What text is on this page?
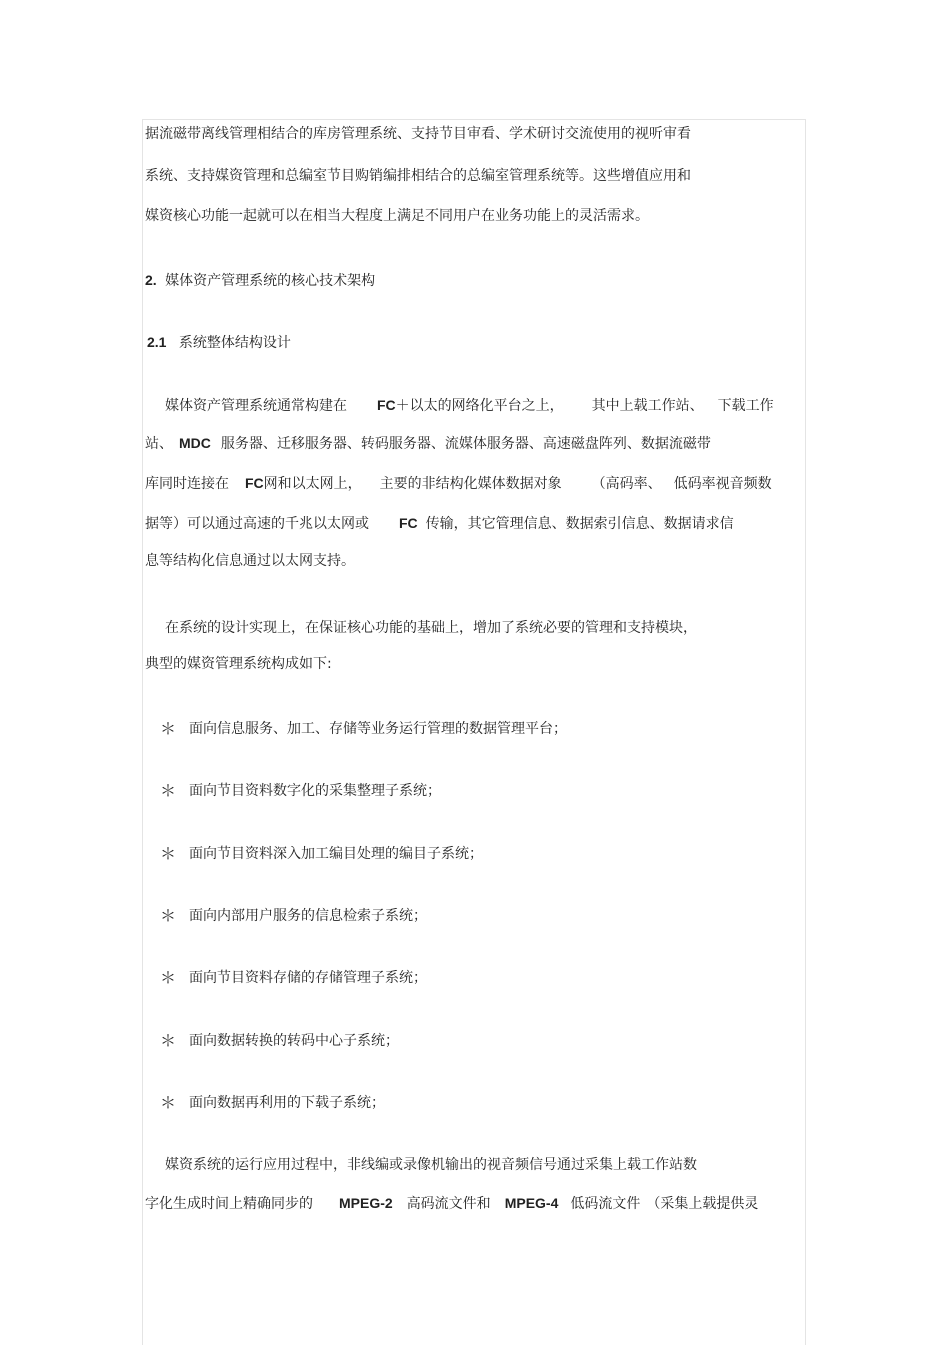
据流磁带离线管理相结合的库房管理系统、支持节目审看、学术研讨交流使用的视听审看
系统、支持媒资管理和总编室节目购销编排相结合的总编室管理系统等。这些增值应用和
媒资核心功能一起就可以在相当大程度上满足不同用户在业务功能上的灵活需求。
2. 媒体资产管理系统的核心技术架构
2.1 系统整体结构设计
媒体资产管理系统通常构建在 FC＋以太的网络化平台之上， 其中上载工作站、 下载工作
站、 MDC 服务器、迁移服务器、转码服务器、流媒体服务器、高速磁盘阵列、数据流磁带
库同时连接在 FC网和以太网上， 主要的非结构化媒体数据对象 （高码率、 低码率视音频数
据等）可以通过高速的千兆以太网或 FC 传输，其它管理信息、数据索引信息、数据请求信
息等结构化信息通过以太网支持。
在系统的设计实现上，在保证核心功能的基础上，增加了系统必要的管理和支持模块，
典型的媒资管理系统构成如下:
＊ 面向信息服务、加工、存储等业务运行管理的数据管理平台；
＊ 面向节目资料数字化的采集整理子系统；
＊ 面向节目资料深入加工编目处理的编目子系统；
＊ 面向内部用户服务的信息检索子系统；
＊ 面向节目资料存储的存储管理子系统；
＊ 面向数据转换的转码中心子系统；
＊ 面向数据再利用的下载子系统；
媒资系统的运行应用过程中，非线编或录像机输出的视音频信号通过采集上载工作站数
字化生成时间上精确同步的 MPEG-2 高码流文件和 MPEG-4 低码流文件 （采集上载提供灵
